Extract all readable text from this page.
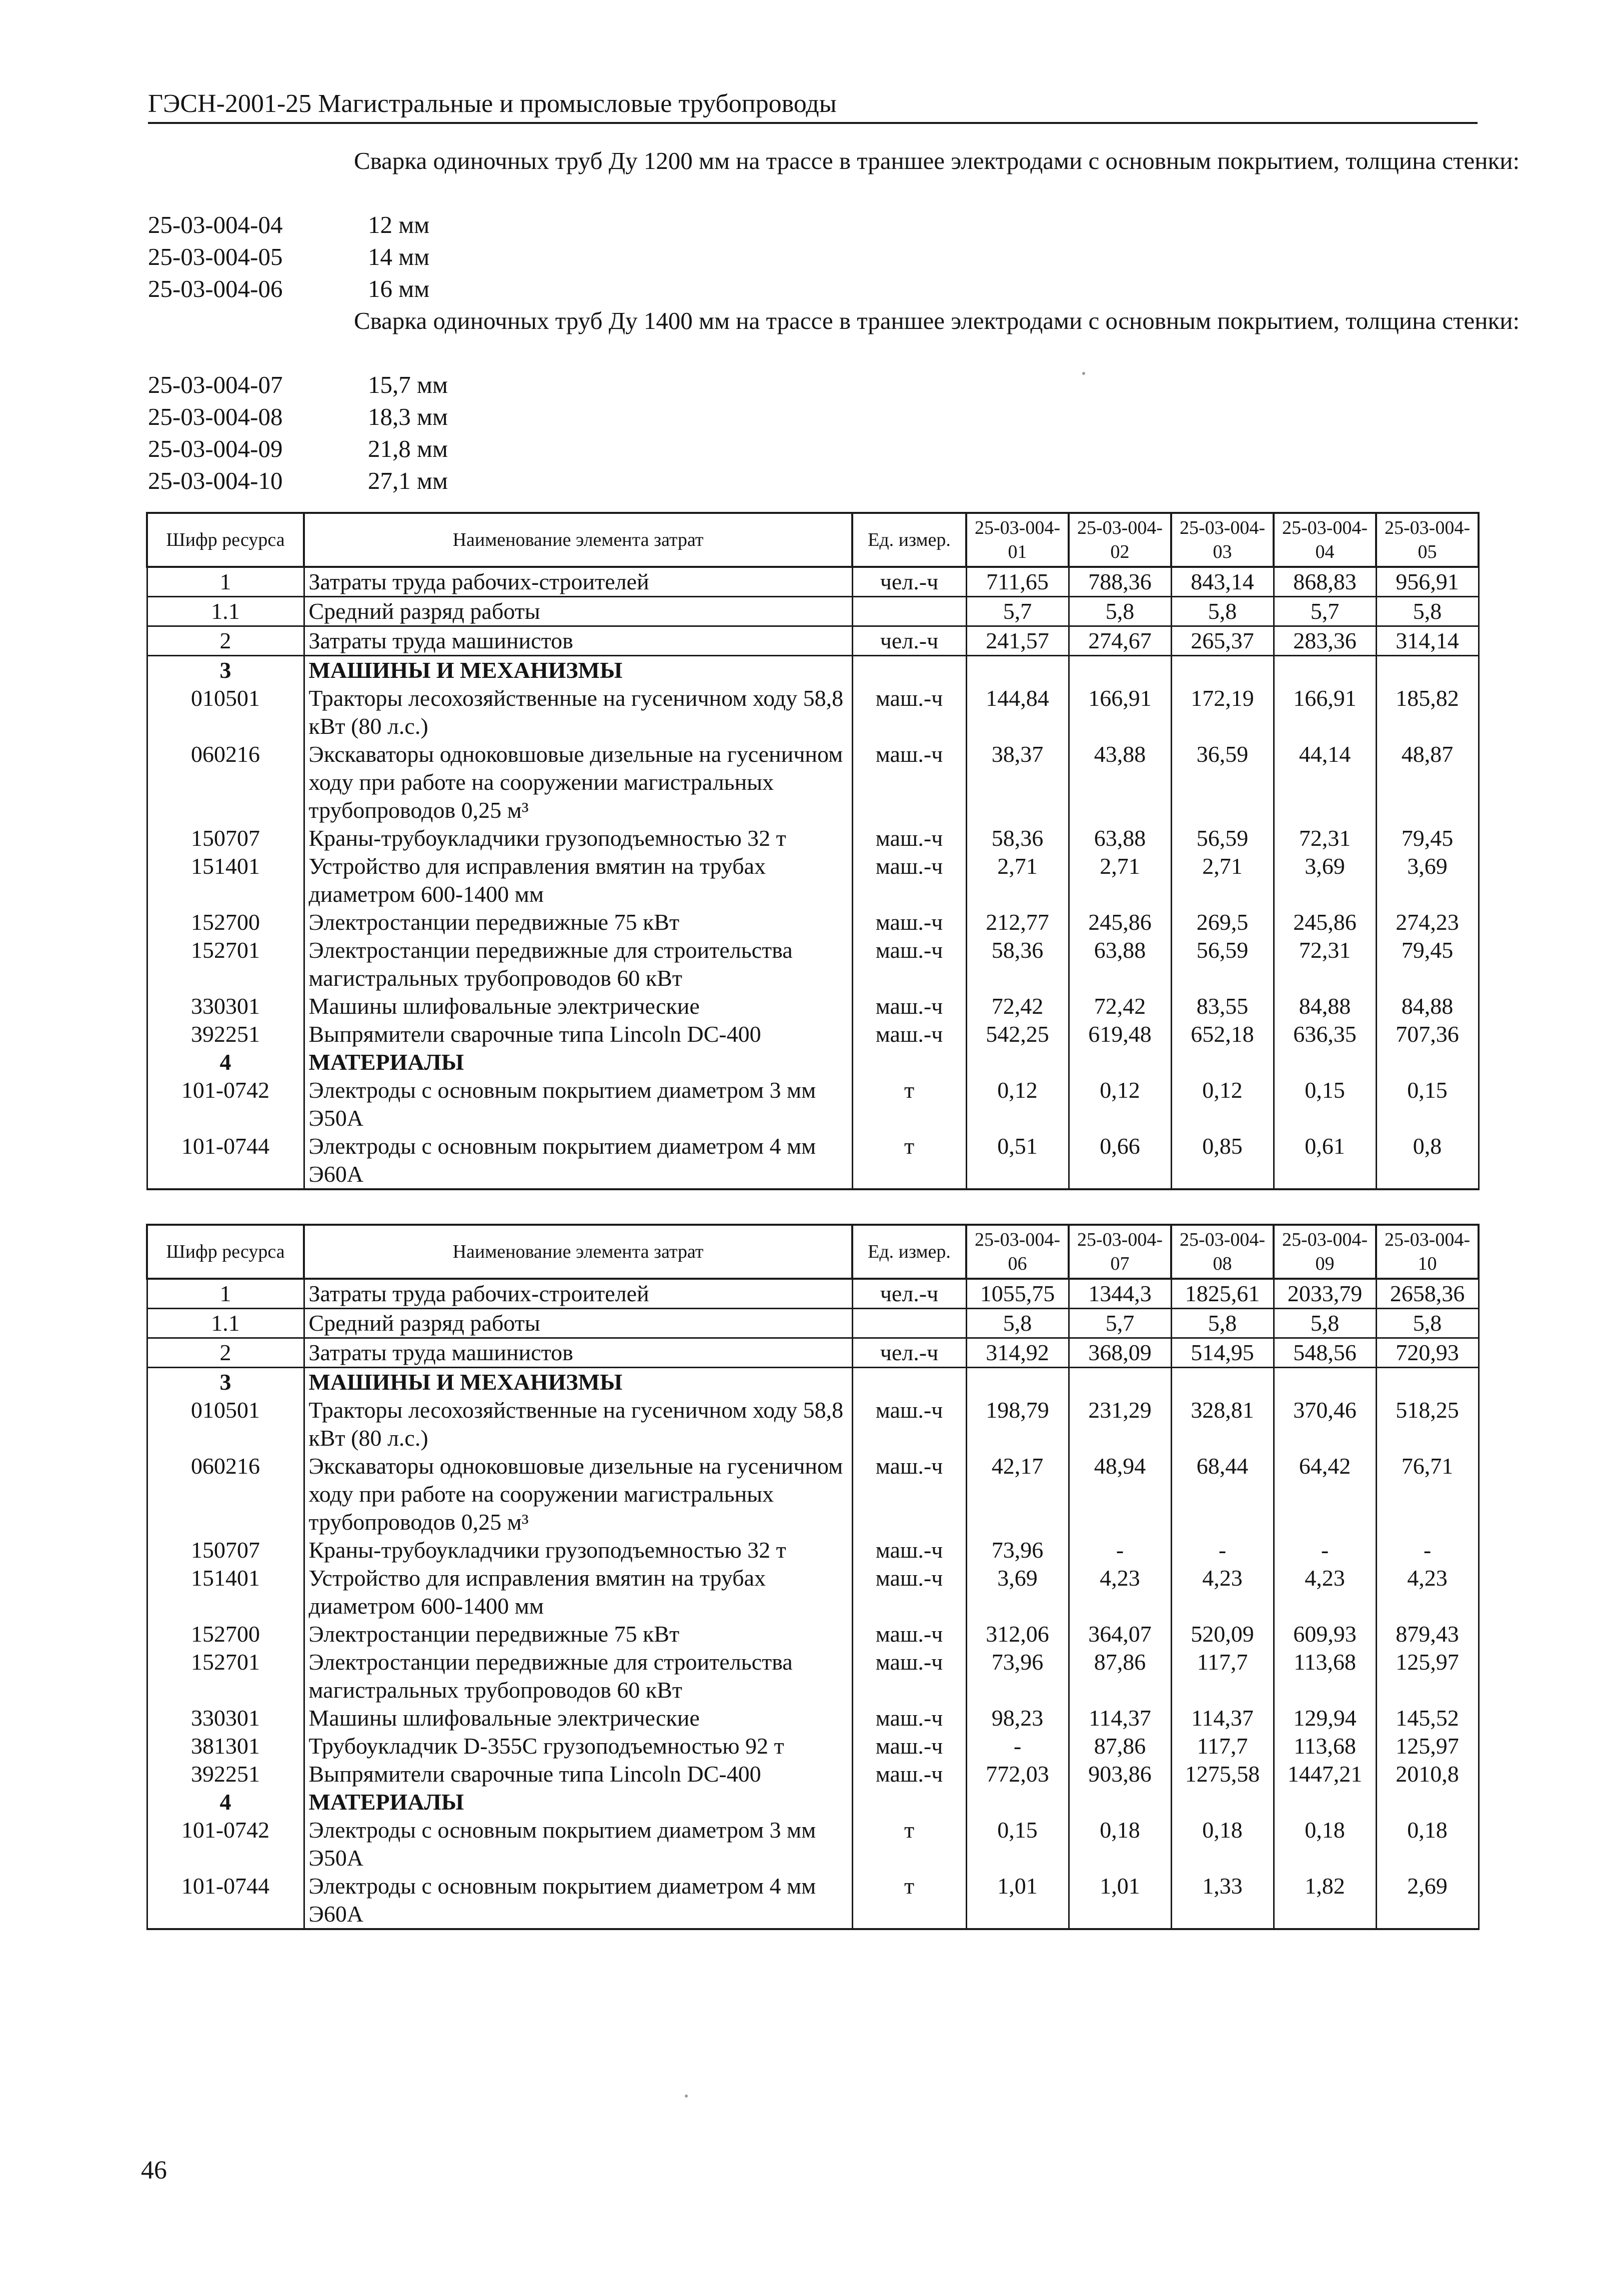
ГЭСН-2001-25 Магистральные и промысловые трубопроводы
Сварка одиночных труб Ду 1200 мм на трассе в траншее электродами с основным покрытием, толщина стенки:
25-03-004-04	12 мм
25-03-004-05	14 мм
25-03-004-06	16 мм
Сварка одиночных труб Ду 1400 мм на трассе в траншее электродами с основным покрытием, толщина стенки:
25-03-004-07	15,7 мм
25-03-004-08	18,3 мм
25-03-004-09	21,8 мм
25-03-004-10	27,1 мм
Шифр ресурса	Наименование элемента затрат	Ед. измер.	25-03-004-01	25-03-004-02	25-03-004-03	25-03-004-04	25-03-004-05
1	Затраты труда рабочих-строителей	чел.-ч	711,65	788,36	843,14	868,83	956,91
1.1	Средний разряд работы		5,7	5,8	5,8	5,7	5,8
2	Затраты труда машинистов	чел.-ч	241,57	274,67	265,37	283,36	314,14
3	МАШИНЫ И МЕХАНИЗМЫ						
010501	Тракторы лесохозяйственные на гусеничном ходу 58,8 кВт (80 л.с.)	маш.-ч	144,84	166,91	172,19	166,91	185,82
060216	Экскаваторы одноковшовые дизельные на гусеничном ходу при работе на сооружении магистральных трубопроводов 0,25 м³	маш.-ч	38,37	43,88	36,59	44,14	48,87
150707	Краны-трубоукладчики грузоподъемностью 32 т	маш.-ч	58,36	63,88	56,59	72,31	79,45
151401	Устройство для исправления вмятин на трубах диаметром 600-1400 мм	маш.-ч	2,71	2,71	2,71	3,69	3,69
152700	Электростанции передвижные 75 кВт	маш.-ч	212,77	245,86	269,5	245,86	274,23
152701	Электростанции передвижные для строительства магистральных трубопроводов 60 кВт	маш.-ч	58,36	63,88	56,59	72,31	79,45
330301	Машины шлифовальные электрические	маш.-ч	72,42	72,42	83,55	84,88	84,88
392251	Выпрямители сварочные типа Lincoln DC-400	маш.-ч	542,25	619,48	652,18	636,35	707,36
4	МАТЕРИАЛЫ						
101-0742	Электроды с основным покрытием диаметром 3 мм Э50А	т	0,12	0,12	0,12	0,15	0,15
101-0744	Электроды с основным покрытием диаметром 4 мм Э60А	т	0,51	0,66	0,85	0,61	0,8
Шифр ресурса	Наименование элемента затрат	Ед. измер.	25-03-004-06	25-03-004-07	25-03-004-08	25-03-004-09	25-03-004-10
1	Затраты труда рабочих-строителей	чел.-ч	1055,75	1344,3	1825,61	2033,79	2658,36
1.1	Средний разряд работы		5,8	5,7	5,8	5,8	5,8
2	Затраты труда машинистов	чел.-ч	314,92	368,09	514,95	548,56	720,93
3	МАШИНЫ И МЕХАНИЗМЫ						
010501	Тракторы лесохозяйственные на гусеничном ходу 58,8 кВт (80 л.с.)	маш.-ч	198,79	231,29	328,81	370,46	518,25
060216	Экскаваторы одноковшовые дизельные на гусеничном ходу при работе на сооружении магистральных трубопроводов 0,25 м³	маш.-ч	42,17	48,94	68,44	64,42	76,71
150707	Краны-трубоукладчики грузоподъемностью 32 т	маш.-ч	73,96	-	-	-	-
151401	Устройство для исправления вмятин на трубах диаметром 600-1400 мм	маш.-ч	3,69	4,23	4,23	4,23	4,23
152700	Электростанции передвижные 75 кВт	маш.-ч	312,06	364,07	520,09	609,93	879,43
152701	Электростанции передвижные для строительства магистральных трубопроводов 60 кВт	маш.-ч	73,96	87,86	117,7	113,68	125,97
330301	Машины шлифовальные электрические	маш.-ч	98,23	114,37	114,37	129,94	145,52
381301	Трубоукладчик D-355C грузоподъемностью 92 т	маш.-ч	-	87,86	117,7	113,68	125,97
392251	Выпрямители сварочные типа Lincoln DC-400	маш.-ч	772,03	903,86	1275,58	1447,21	2010,8
4	МАТЕРИАЛЫ						
101-0742	Электроды с основным покрытием диаметром 3 мм Э50А	т	0,15	0,18	0,18	0,18	0,18
101-0744	Электроды с основным покрытием диаметром 4 мм Э60А	т	1,01	1,01	1,33	1,82	2,69
46
